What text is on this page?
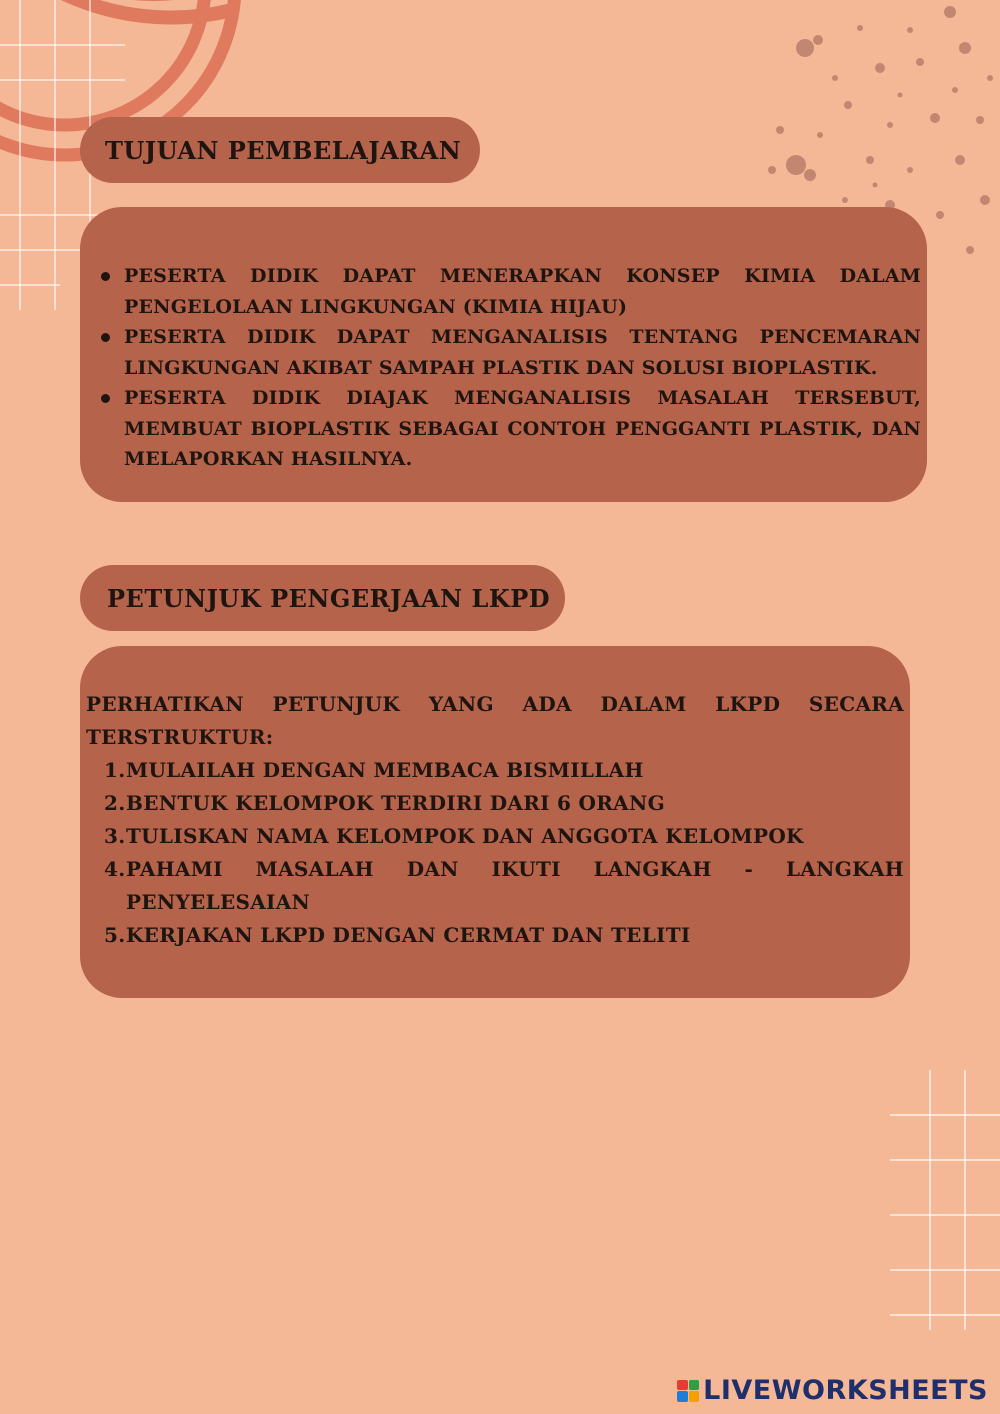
TUJUAN PEMBELAJARAN
PESERTA DIDIK DAPAT MENERAPKAN KONSEP KIMIA DALAM PENGELOLAAN LINGKUNGAN (KIMIA HIJAU)
PESERTA DIDIK DAPAT MENGANALISIS TENTANG PENCEMARAN LINGKUNGAN AKIBAT SAMPAH PLASTIK DAN SOLUSI BIOPLASTIK.
PESERTA DIDIK DIAJAK MENGANALISIS MASALAH TERSEBUT, MEMBUAT BIOPLASTIK SEBAGAI CONTOH PENGGANTI PLASTIK, DAN MELAPORKAN HASILNYA.
PETUNJUK PENGERJAAN LKPD
PERHATIKAN PETUNJUK YANG ADA DALAM LKPD SECARA TERSTRUKTUR:
1. MULAILAH DENGAN MEMBACA BISMILLAH
2. BENTUK KELOMPOK TERDIRI DARI 6 ORANG
3. TULISKAN NAMA KELOMPOK DAN ANGGOTA KELOMPOK
4. PAHAMI MASALAH DAN IKUTI LANGKAH - LANGKAH PENYELESAIAN
5. KERJAKAN LKPD DENGAN CERMAT DAN TELITI
LIVEWORKSHEETS
